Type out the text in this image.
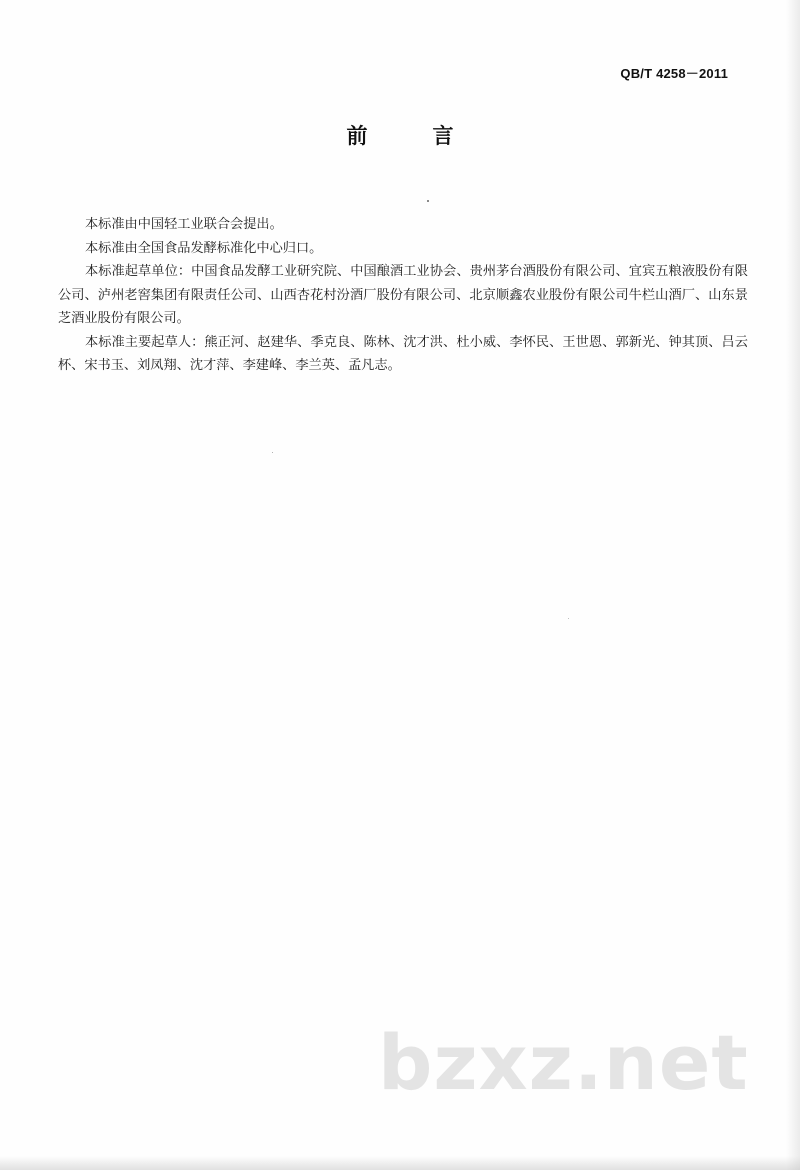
QB/T 4258－2011
前　言

本标准由中国轻工业联合会提出。

本标准由全国食品发酵标准化中心归口。

本标准起草单位：中国食品发酵工业研究院、中国酿酒工业协会、贵州茅台酒股份有限公司、宜宾五粮液股份有限公司、泸州老窖集团有限责任公司、山西杏花村汾酒厂股份有限公司、北京顺鑫农业股份有限公司牛栏山酒厂、山东景芝酒业股份有限公司。

本标准主要起草人：熊正河、赵建华、季克良、陈林、沈才洪、杜小威、李怀民、王世恩、郭新光、钟其顶、吕云杯、宋书玉、刘凤翔、沈才萍、李建峰、李兰英、孟凡志。

bzxz.net
